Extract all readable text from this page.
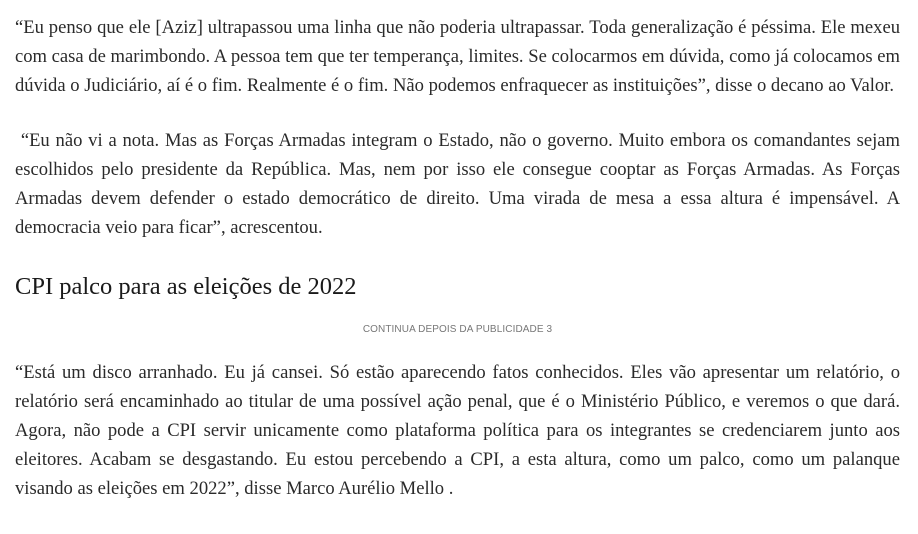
“Eu penso que ele [Aziz] ultrapassou uma linha que não poderia ultrapassar. Toda generalização é péssima. Ele mexeu com casa de marimbondo. A pessoa tem que ter temperança, limites. Se colocarmos em dúvida, como já colocamos em dúvida o Judiciário, aí é o fim. Realmente é o fim. Não podemos enfraquecer as instituições”, disse o decano ao Valor.

“Eu não vi a nota. Mas as Forças Armadas integram o Estado, não o governo. Muito embora os comandantes sejam escolhidos pelo presidente da República. Mas, nem por isso ele consegue cooptar as Forças Armadas. As Forças Armadas devem defender o estado democrático de direito. Uma virada de mesa a essa altura é impensável. A democracia veio para ficar”, acrescentou.

CPI palco para as eleições de 2022
CONTINUA DEPOIS DA PUBLICIDADE 3

“Está um disco arranhado. Eu já cansei. Só estão aparecendo fatos conhecidos. Eles vão apresentar um relatório, o relatório será encaminhado ao titular de uma possível ação penal, que é o Ministério Público, e veremos o que dará. Agora, não pode a CPI servir unicamente como plataforma política para os integrantes se credenciarem junto aos eleitores. Acabam se desgastando. Eu estou percebendo a CPI, a esta altura, como um palco, como um palanque visando as eleições em 2022”, disse Marco Aurélio Mello .
